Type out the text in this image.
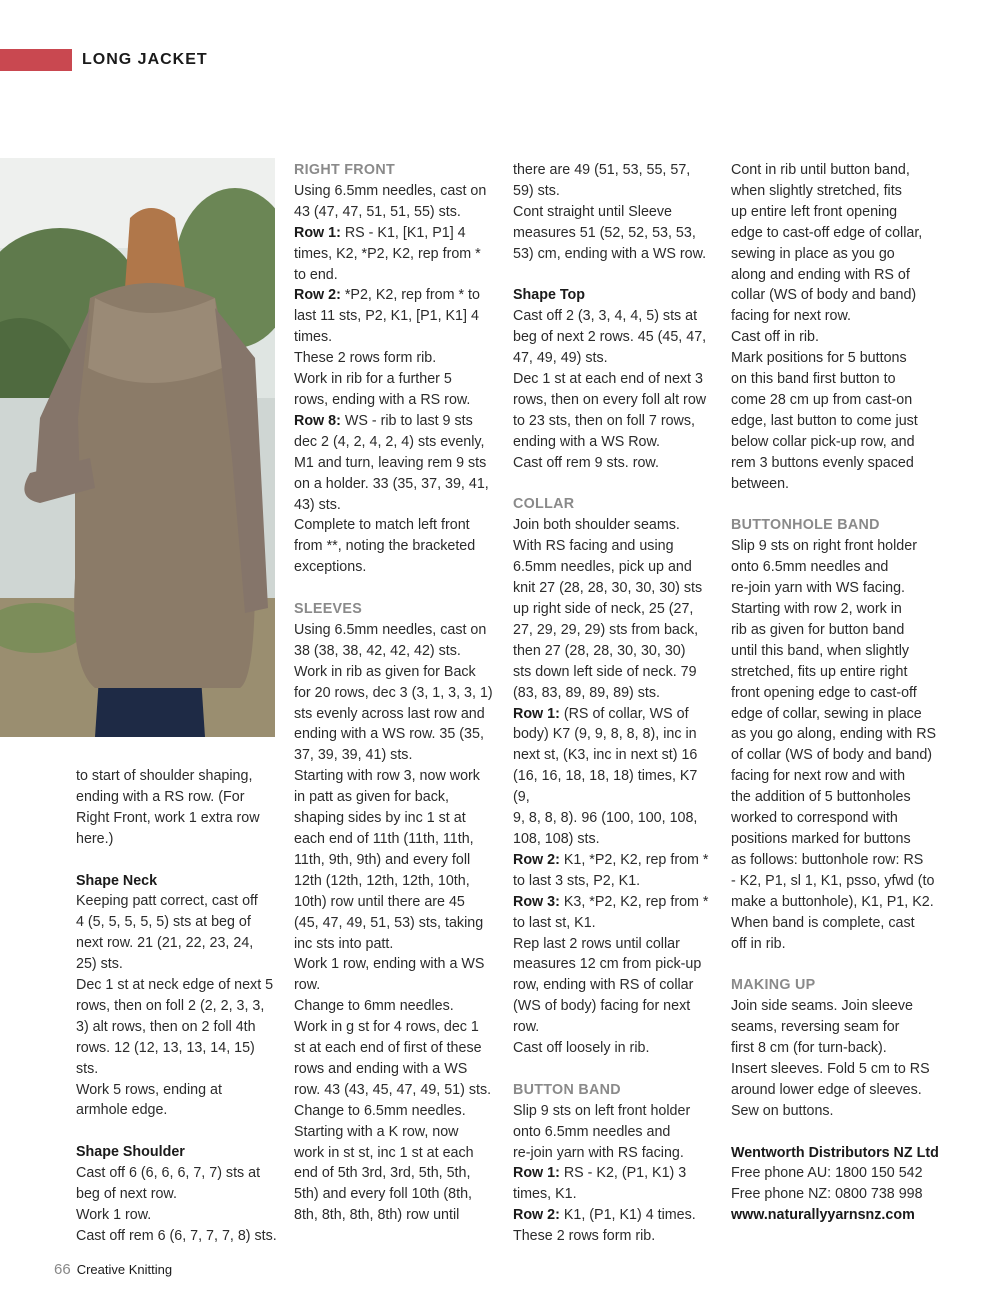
LONG JACKET

to start of shoulder shaping,

ending with a RS row. (For

Right Front, work 1 extra row

here.)

Shape Neck

Keeping patt correct, cast off

4 (5, 5, 5, 5, 5) sts at beg of

next row. 21 (21, 22, 23, 24,

25) sts.

Dec 1 st at neck edge of next 5

rows, then on foll 2 (2, 2, 3, 3,

3) alt rows, then on 2 foll 4th

rows. 12 (12, 13, 13, 14, 15) sts.

Work 5 rows, ending at

armhole edge.

Shape Shoulder

Cast off 6 (6, 6, 6, 7, 7) sts at

beg of next row.

Work 1 row.

Cast off rem 6 (6, 7, 7, 7, 8) sts.

RIGHT FRONT

Using 6.5mm needles, cast on

43 (47, 47, 51, 51, 55) sts.

Row 1: RS - K1, [K1, P1] 4

times, K2, *P2, K2, rep from *

to end.

Row 2: *P2, K2, rep from * to

last 11 sts, P2, K1, [P1, K1] 4

times.

These 2 rows form rib.

Work in rib for a further 5

rows, ending with a RS row.

Row 8: WS - rib to last 9 sts

dec 2 (4, 2, 4, 2, 4) sts evenly,

M1 and turn, leaving rem 9 sts

on a holder. 33 (35, 37, 39, 41,

43) sts.

Complete to match left front

from **, noting the bracketed

exceptions.

SLEEVES

Using 6.5mm needles, cast on

38 (38, 38, 42, 42, 42) sts.

Work in rib as given for Back

for 20 rows, dec 3 (3, 1, 3, 3, 1)

sts evenly across last row and

ending with a WS row. 35 (35,

37, 39, 39, 41) sts.

Starting with row 3, now work

in patt as given for back,

shaping sides by inc 1 st at

each end of 11th (11th, 11th,

11th, 9th, 9th) and every foll

12th (12th, 12th, 12th, 10th,

10th) row until there are 45

(45, 47, 49, 51, 53) sts, taking

inc sts into patt.

Work 1 row, ending with a WS

row.

Change to 6mm needles.

Work in g st for 4 rows, dec 1

st at each end of first of these

rows and ending with a WS

row. 43 (43, 45, 47, 49, 51) sts.

Change to 6.5mm needles.

Starting with a K row, now

work in st st, inc 1 st at each

end of 5th 3rd, 3rd, 5th, 5th,

5th) and every foll 10th (8th,

8th, 8th, 8th, 8th) row until

there are 49 (51, 53, 55, 57,

59) sts.

Cont straight until Sleeve

measures 51 (52, 52, 53, 53,

53) cm, ending with a WS row.

Shape Top

Cast off 2 (3, 3, 4, 4, 5) sts at

beg of next 2 rows. 45 (45, 47,

47, 49, 49) sts.

Dec 1 st at each end of next 3

rows, then on every foll alt row

to 23 sts, then on foll 7 rows,

ending with a WS Row.

Cast off rem 9 sts. row.

COLLAR

Join both shoulder seams.

With RS facing and using

6.5mm needles, pick up and

knit 27 (28, 28, 30, 30, 30) sts

up right side of neck, 25 (27,

27, 29, 29, 29) sts from back,

then 27 (28, 28, 30, 30, 30)

sts down left side of neck. 79

(83, 83, 89, 89, 89) sts.

Row 1: (RS of collar, WS of

body) K7 (9, 9, 8, 8, 8), inc in

next st, (K3, inc in next st) 16

(16, 16, 18, 18, 18) times, K7 (9,

9, 8, 8, 8). 96 (100, 100, 108,

108, 108) sts.

Row 2: K1, *P2, K2, rep from *

to last 3 sts, P2, K1.

Row 3: K3, *P2, K2, rep from *

to last st, K1.

Rep last 2 rows until collar

measures 12 cm from pick-up

row, ending with RS of collar

(WS of body) facing for next

row.

Cast off loosely in rib.

BUTTON BAND

Slip 9 sts on left front holder

onto 6.5mm needles and

re-join yarn with RS facing.

Row 1: RS - K2, (P1, K1) 3

times, K1.

Row 2: K1, (P1, K1) 4 times.

These 2 rows form rib.

Cont in rib until button band,

when slightly stretched, fits

up entire left front opening

edge to cast-off edge of collar,

sewing in place as you go

along and ending with RS of

collar (WS of body and band)

facing for next row.

Cast off in rib.

Mark positions for 5 buttons

on this band first button to

come 28 cm up from cast-on

edge, last button to come just

below collar pick-up row, and

rem 3 buttons evenly spaced

between.

BUTTONHOLE BAND

Slip 9 sts on right front holder

onto 6.5mm needles and

re-join yarn with WS facing.

Starting with row 2, work in

rib as given for button band

until this band, when slightly

stretched, fits up entire right

front opening edge to cast-off

edge of collar, sewing in place

as you go along, ending with RS

of collar (WS of body and band)

facing for next row and with

the addition of 5 buttonholes

worked to correspond with

positions marked for buttons

as follows: buttonhole row: RS

- K2, P1, sl 1, K1, psso, yfwd (to

make a buttonhole), K1, P1, K2.

When band is complete, cast

off in rib.

MAKING UP

Join side seams. Join sleeve

seams, reversing seam for

first 8 cm (for turn-back).

Insert sleeves. Fold 5 cm to RS

around lower edge of sleeves.

Sew on buttons.

Wentworth Distributors NZ Ltd

Free phone AU: 1800 150 542

Free phone NZ: 0800 738 998

www.naturallyyarnsnz.com

66 Creative Knitting
